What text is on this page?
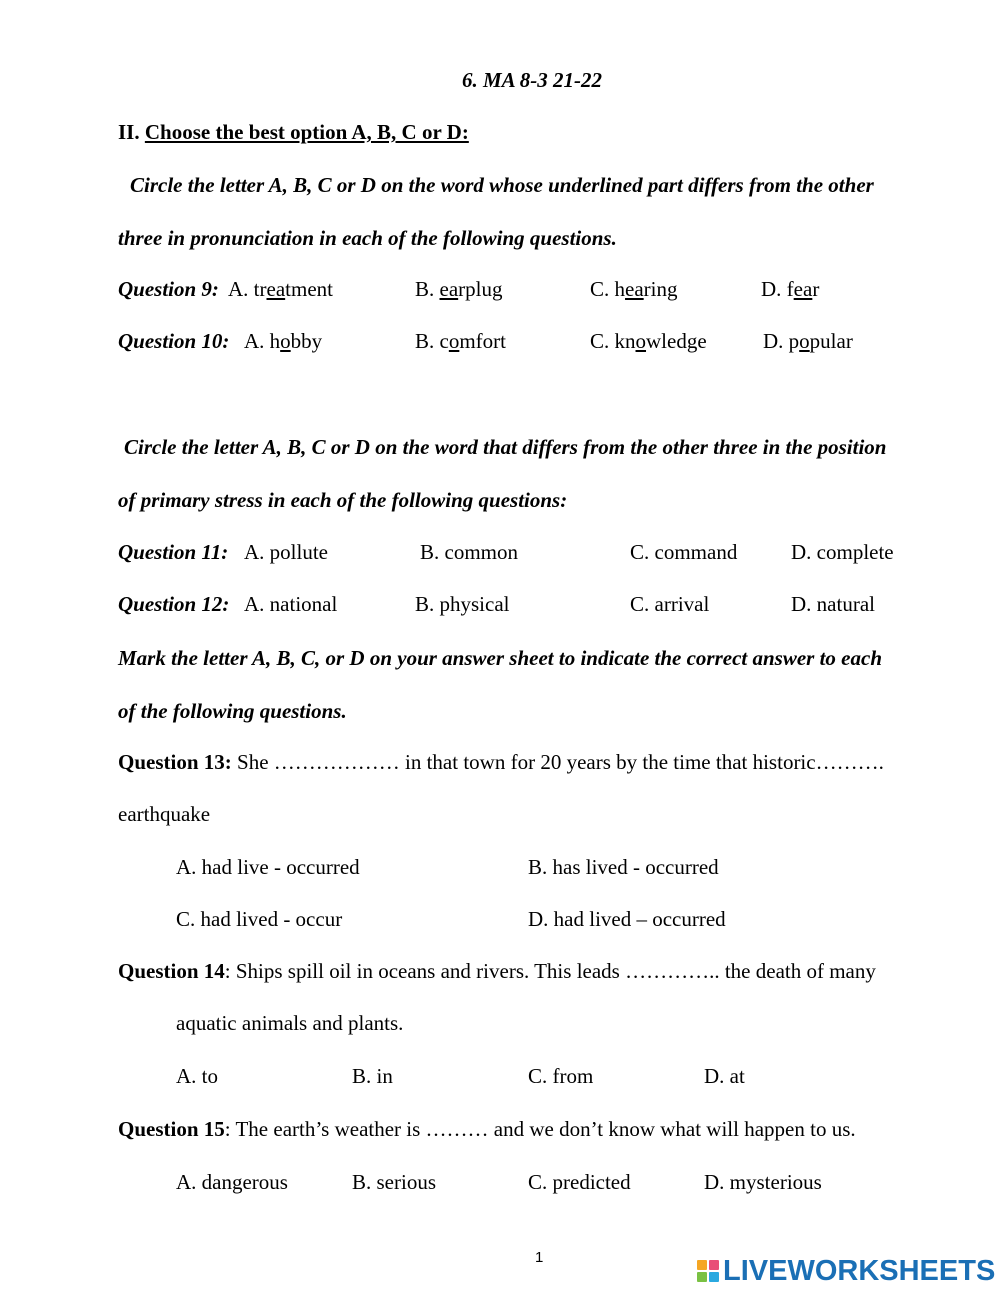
6. MA 8-3 21-22
II. Choose the best option A, B, C or D:
Circle the letter A, B, C or D on the word whose underlined part differs from the other
three in pronunciation in each of the following questions.
Question 9: A. treatment	B. earplug	C. hearing	D. fear
Question 10: A. hobby	B. comfort	C. knowledge	D. popular
Circle the letter A, B, C or D on the word that differs from the other three in the position
of primary stress in each of the following questions:
Question 11: A. pollute	B. common	C. command	D. complete
Question 12: A. national	B. physical	C. arrival	D. natural
Mark the letter A, B, C, or D on your answer sheet to indicate the correct answer to each
of the following questions.
Question 13: She ……………… in that town for 20 years by the time that historic……….
earthquake
A. had live - occurred	B. has lived - occurred
C. had lived - occur	D. had lived – occurred
Question 14: Ships spill oil in oceans and rivers. This leads ………….. the death of many
aquatic animals and plants.
A. to	B. in	C. from	D. at
Question 15: The earth’s weather is ……… and we don’t know what will happen to us.
A. dangerous	B. serious	C. predicted	D. mysterious
1	LIVEWORKSHEETS
